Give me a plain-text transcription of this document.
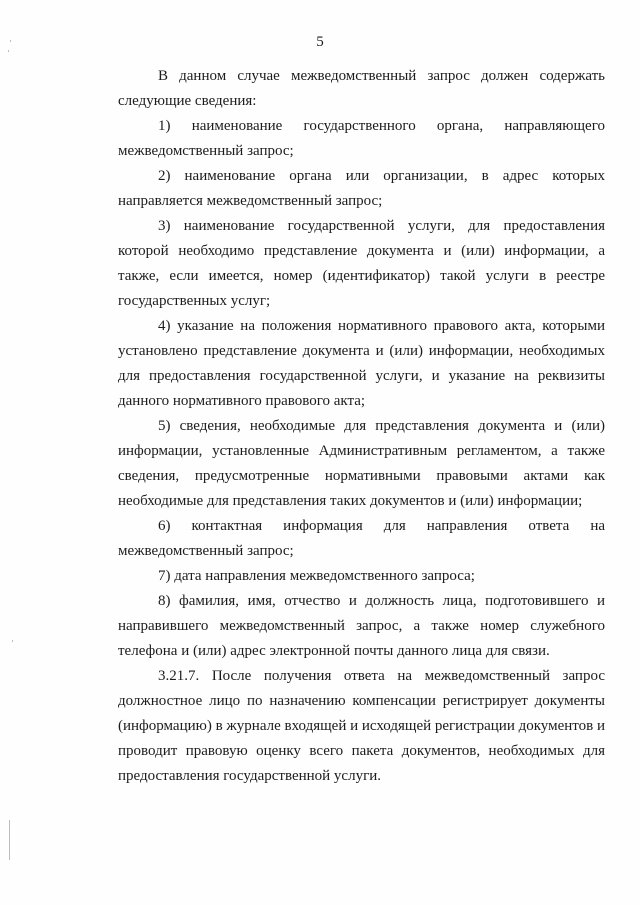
5

В данном случае межведомственный запрос должен содержать следующие сведения:

1) наименование государственного органа, направляющего межведомственный запрос;

2) наименование органа или организации, в адрес которых направляется межведомственный запрос;

3) наименование государственной услуги, для предоставления которой необходимо представление документа и (или) информации, а также, если имеется, номер (идентификатор) такой услуги в реестре государственных услуг;

4) указание на положения нормативного правового акта, которыми установлено представление документа и (или) информации, необходимых для предоставления государственной услуги, и указание на реквизиты данного нормативного правового акта;

5) сведения, необходимые для представления документа и (или) информации, установленные Административным регламентом, а также сведения, предусмотренные нормативными правовыми актами как необходимые для представления таких документов и (или) информации;

6) контактная информация для направления ответа на межведомственный запрос;

7) дата направления межведомственного запроса;

8) фамилия, имя, отчество и должность лица, подготовившего и направившего межведомственный запрос, а также номер служебного телефона и (или) адрес электронной почты данного лица для связи.

3.21.7. После получения ответа на межведомственный запрос должностное лицо по назначению компенсации регистрирует документы (информацию) в журнале входящей и исходящей регистрации документов и проводит правовую оценку всего пакета документов, необходимых для предоставления государственной услуги.
